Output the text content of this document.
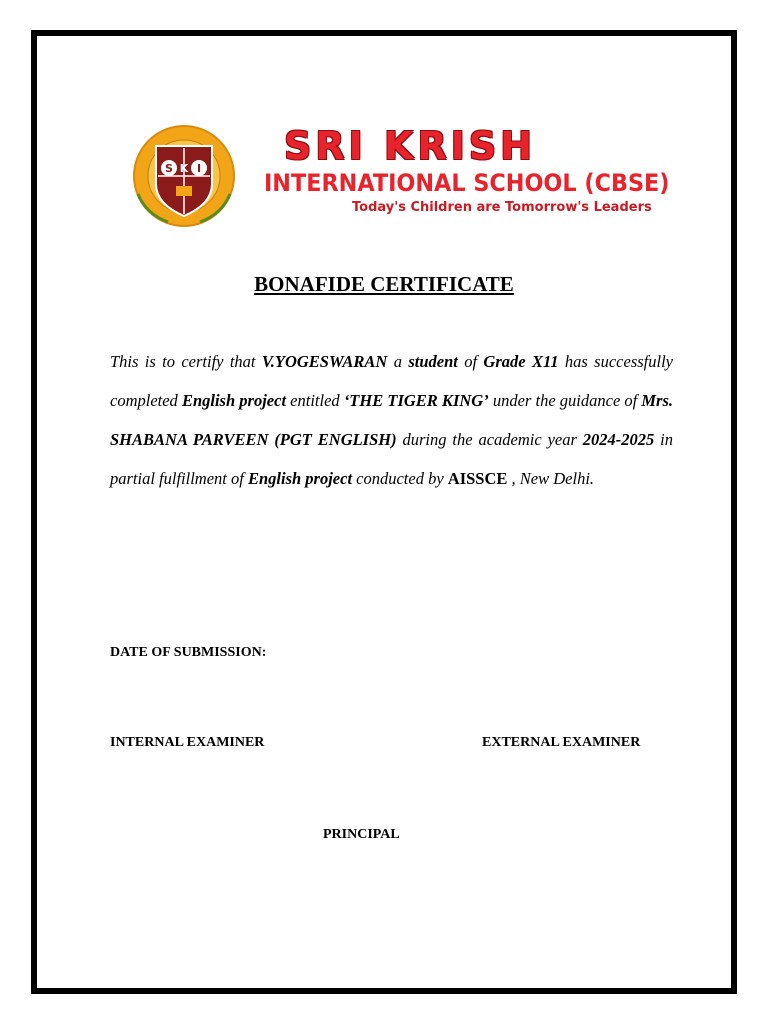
S K I
SRI KRISH
INTERNATIONAL SCHOOL (CBSE)
Today's Children are Tomorrow's Leaders
BONAFIDE CERTIFICATE
This is to certify that V.YOGESWARAN a student of Grade X11 has successfully completed English project entitled ‘THE TIGER KING’ under the guidance of Mrs. SHABANA PARVEEN (PGT ENGLISH) during the academic year 2024-2025 in partial fulfillment of English project conducted by AISSCE , New Delhi.
DATE OF SUBMISSION:
INTERNAL EXAMINER	EXTERNAL EXAMINER
PRINCIPAL
